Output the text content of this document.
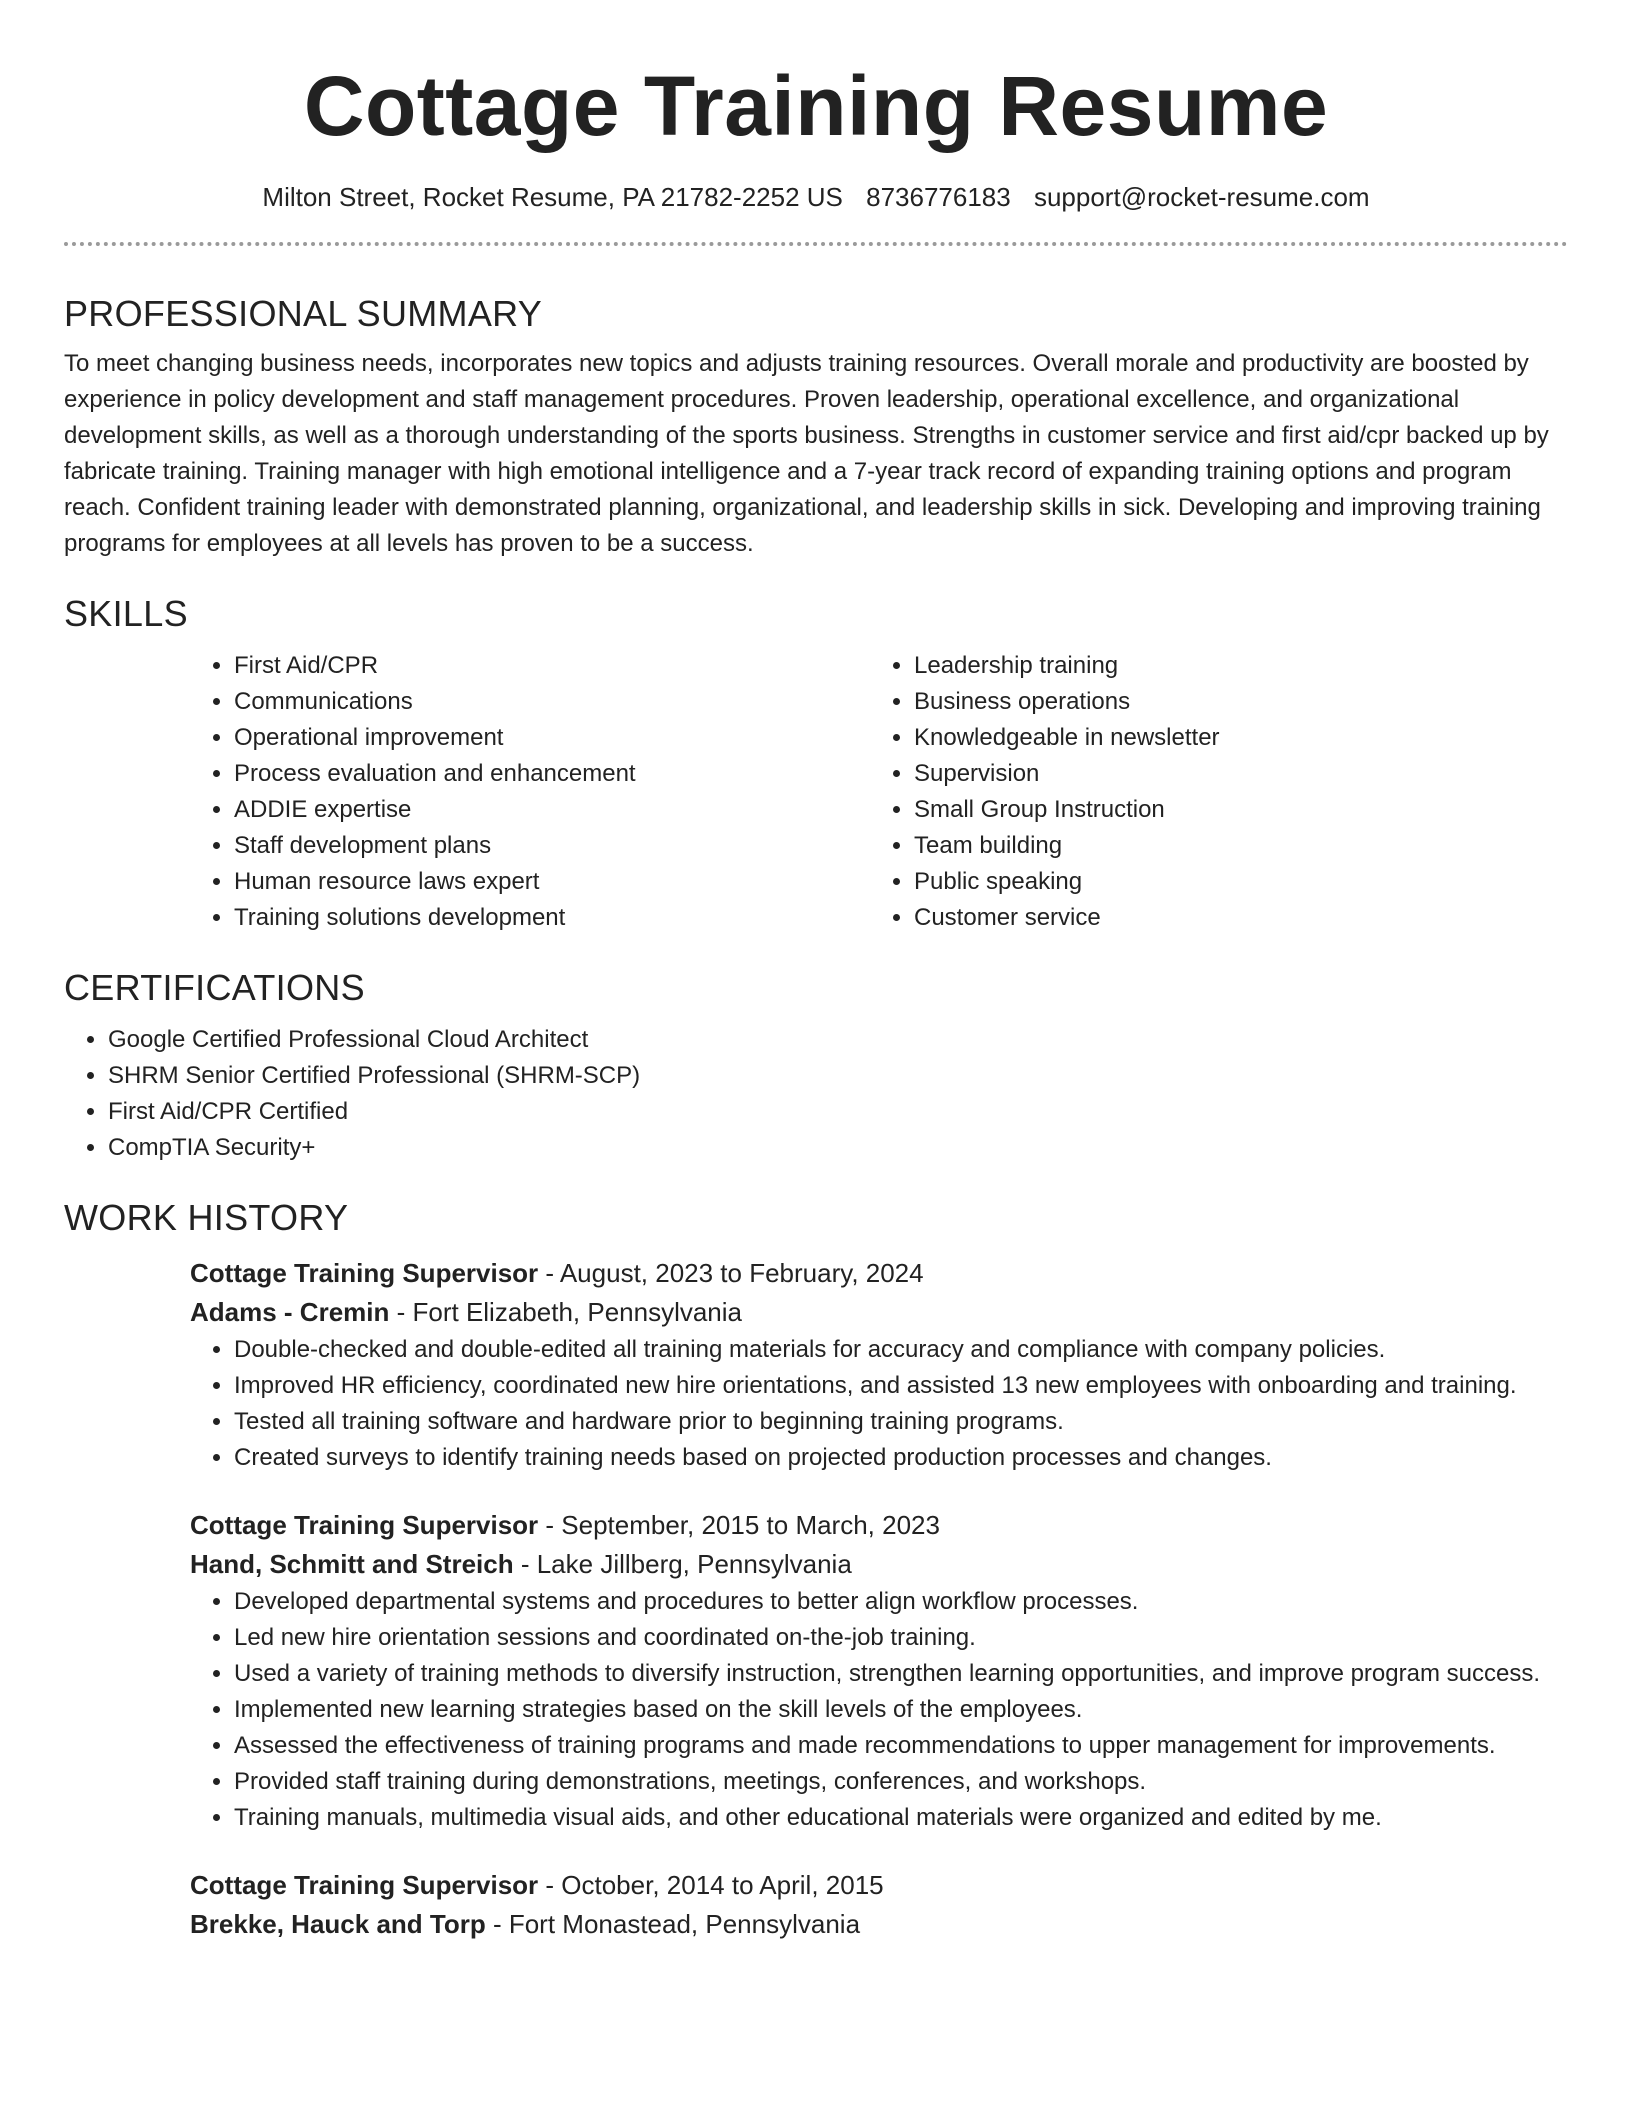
Cottage Training Resume
Milton Street, Rocket Resume, PA 21782-2252 US 8736776183 support@rocket-resume.com
PROFESSIONAL SUMMARY

To meet changing business needs, incorporates new topics and adjusts training resources. Overall morale and productivity are boosted by experience in policy development and staff management procedures. Proven leadership, operational excellence, and organizational development skills, as well as a thorough understanding of the sports business. Strengths in customer service and first aid/cpr backed up by fabricate training. Training manager with high emotional intelligence and a 7-year track record of expanding training options and program reach. Confident training leader with demonstrated planning, organizational, and leadership skills in sick. Developing and improving training programs for employees at all levels has proven to be a success.

SKILLS
• First Aid/CPR
• Communications
• Operational improvement
• Process evaluation and enhancement
• ADDIE expertise
• Staff development plans
• Human resource laws expert
• Training solutions development
• Leadership training
• Business operations
• Knowledgeable in newsletter
• Supervision
• Small Group Instruction
• Team building
• Public speaking
• Customer service
CERTIFICATIONS
• Google Certified Professional Cloud Architect
• SHRM Senior Certified Professional (SHRM-SCP)
• First Aid/CPR Certified
• CompTIA Security+
WORK HISTORY
Cottage Training Supervisor - August, 2023 to February, 2024
Adams - Cremin - Fort Elizabeth, Pennsylvania
• Double-checked and double-edited all training materials for accuracy and compliance with company policies.
• Improved HR efficiency, coordinated new hire orientations, and assisted 13 new employees with onboarding and training.
• Tested all training software and hardware prior to beginning training programs.
• Created surveys to identify training needs based on projected production processes and changes.
Cottage Training Supervisor - September, 2015 to March, 2023
Hand, Schmitt and Streich - Lake Jillberg, Pennsylvania
• Developed departmental systems and procedures to better align workflow processes.
• Led new hire orientation sessions and coordinated on-the-job training.
• Used a variety of training methods to diversify instruction, strengthen learning opportunities, and improve program success.
• Implemented new learning strategies based on the skill levels of the employees.
• Assessed the effectiveness of training programs and made recommendations to upper management for improvements.
• Provided staff training during demonstrations, meetings, conferences, and workshops.
• Training manuals, multimedia visual aids, and other educational materials were organized and edited by me.
Cottage Training Supervisor - October, 2014 to April, 2015
Brekke, Hauck and Torp - Fort Monastead, Pennsylvania
